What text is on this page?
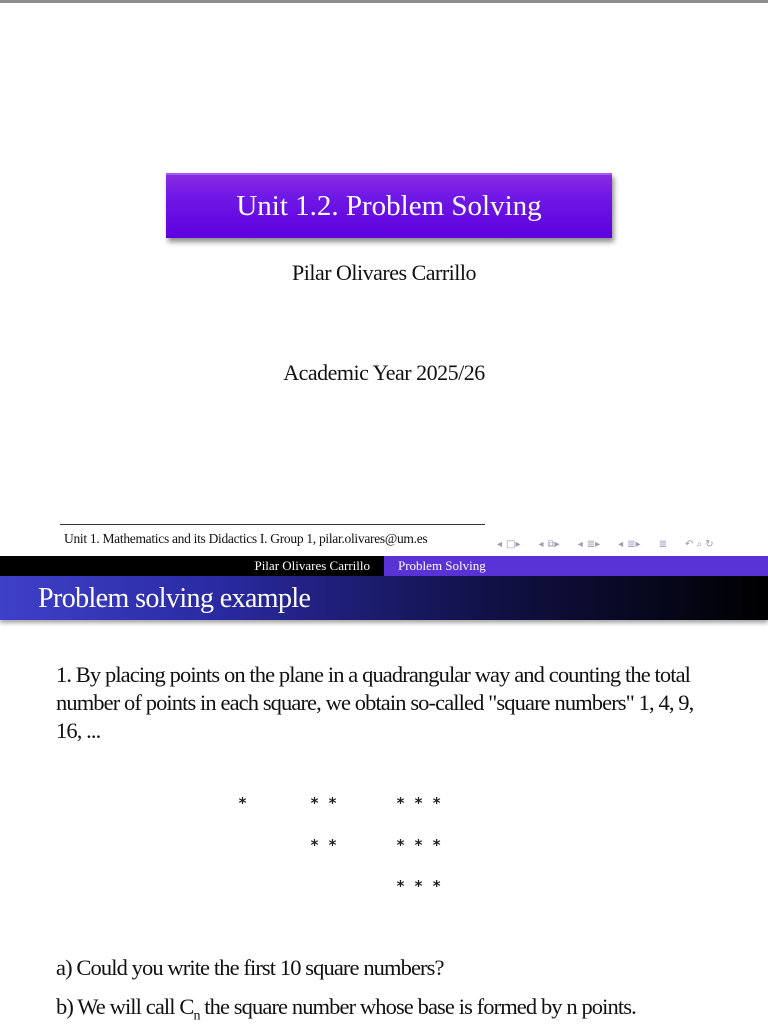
Unit 1.2. Problem Solving
Pilar Olivares Carrillo
Academic Year 2025/26
Unit 1. Mathematics and its Didactics I. Group 1, pilar.olivares@um.es	◂ □▸ ◂ ⧉▸ ◂ ≣▸ ◂ ≣▸ ≣ ↶ ⌕ ↻
Pilar Olivares Carrillo	Problem Solving
Problem solving example
1. By placing points on the plane in a quadrangular way and counting the total number of points in each square, we obtain so-called "square numbers" 1, 4, 9, 16, ...
*	* *
* *
* * *
* * *
* * *
a) Could you write the first 10 square numbers?
b) We will call $C_n$ the square number whose base is formed by n points.
